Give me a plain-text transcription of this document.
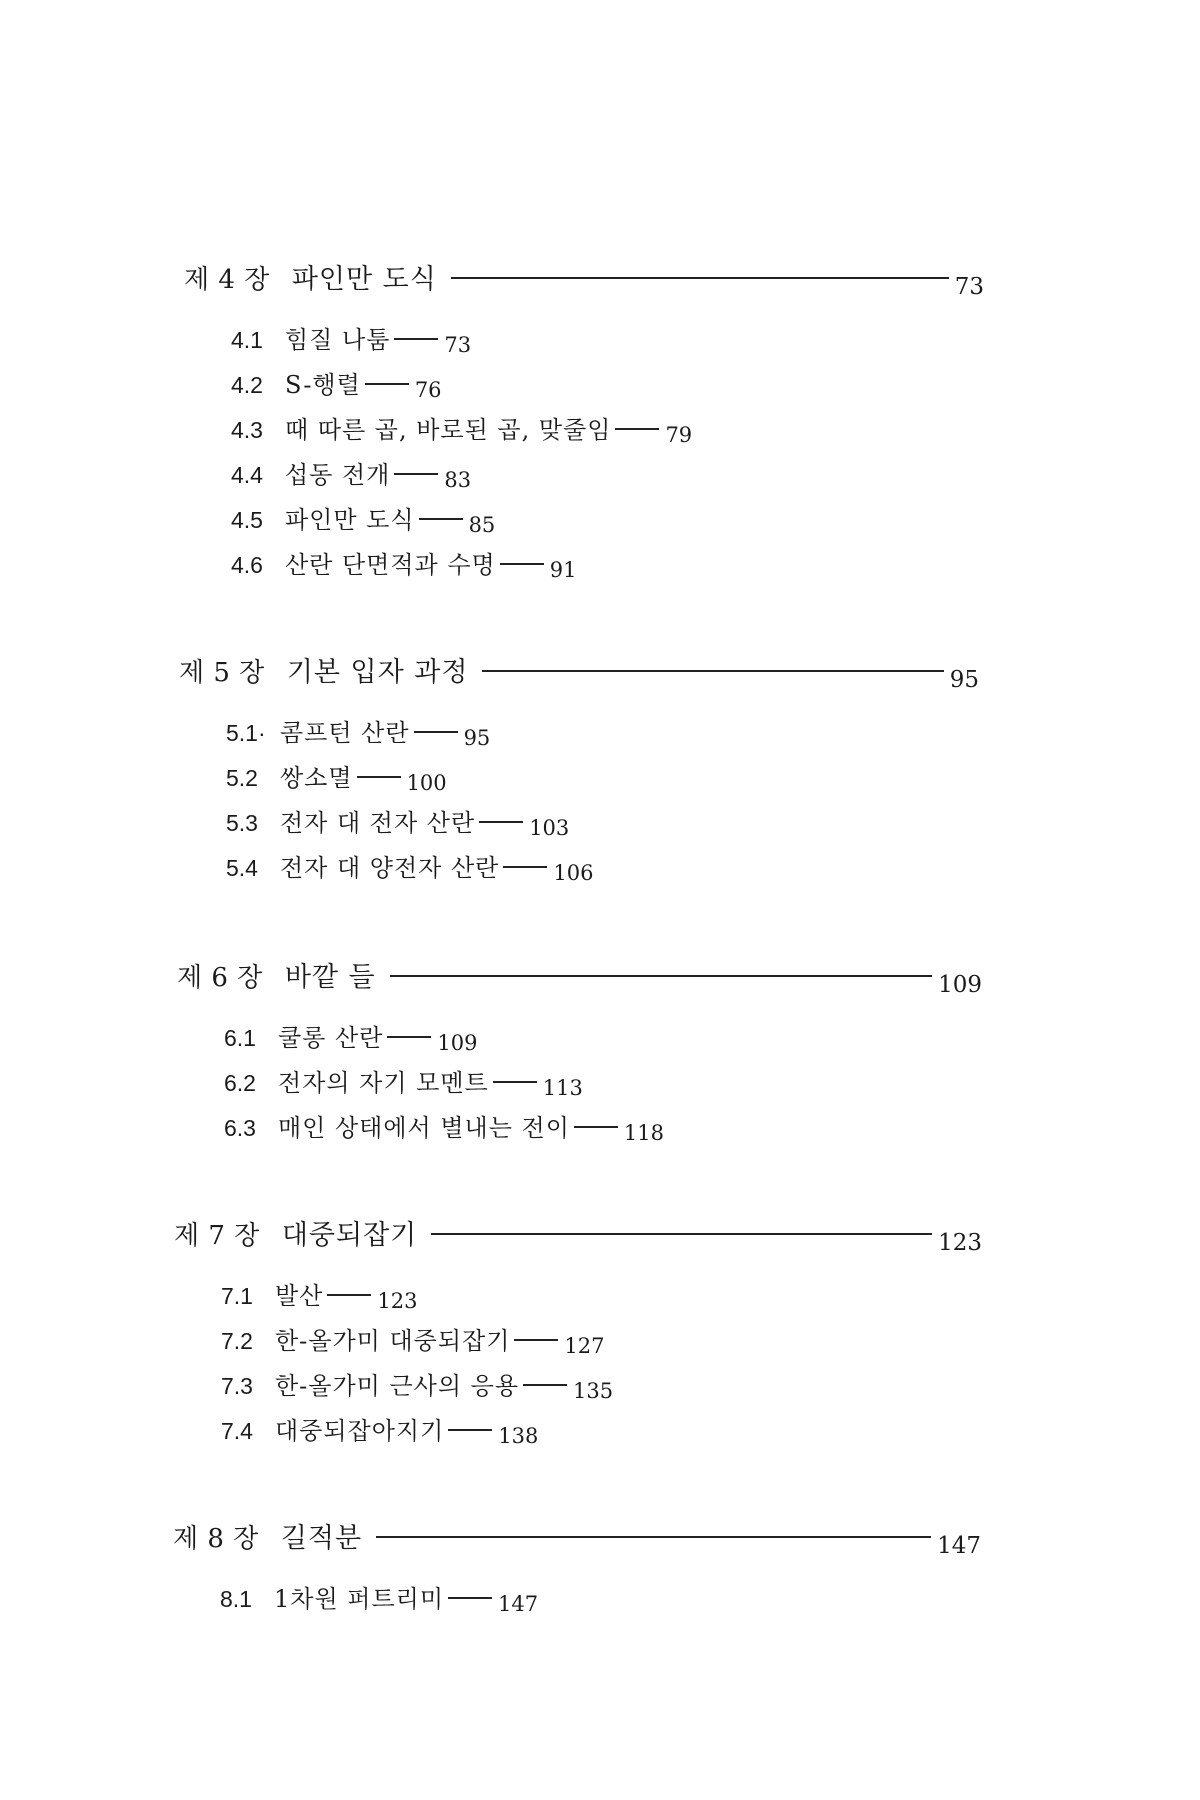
제 4 장 파인만 도식	73
4.1 힘질 나툼	73
4.2 S-행렬	76
4.3 때 따른 곱, 바로된 곱, 맞줄임	79
4.4 섭동 전개	83
4.5 파인만 도식	85
4.6 산란 단면적과 수명	91
제 5 장 기본 입자 과정	95
5.1· 콤프턴 산란	95
5.2 쌍소멸	100
5.3 전자 대 전자 산란	103
5.4 전자 대 양전자 산란	106
제 6 장 바깥 들	109
6.1 쿨롱 산란	109
6.2 전자의 자기 모멘트	113
6.3 매인 상태에서 별내는 전이	118
제 7 장 대중되잡기	123
7.1 발산	123
7.2 한-올가미 대중되잡기	127
7.3 한-올가미 근사의 응용	135
7.4 대중되잡아지기	138
제 8 장 길적분	147
8.1 1차원 퍼트리미	147
